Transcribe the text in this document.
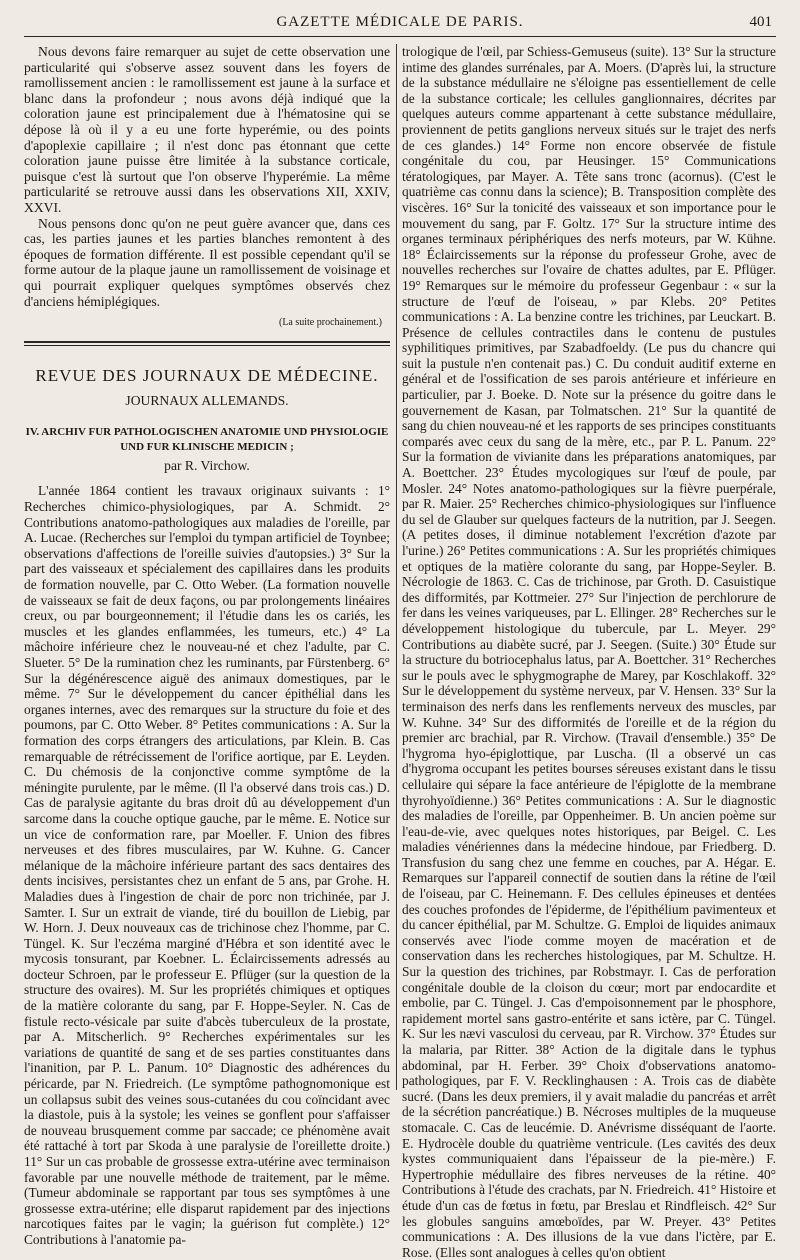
GAZETTE MÉDICALE DE PARIS.	401

Nous devons faire remarquer au sujet de cette observation une particularité qui s'observe assez souvent dans les foyers de ramollissement ancien : le ramollissement est jaune à la surface et blanc dans la profondeur ; nous avons déjà indiqué que la coloration jaune est principalement due à l'hématosine qui se dépose là où il y a eu une forte hyperémie, ou des points d'apoplexie capillaire ; il n'est donc pas étonnant que cette coloration jaune puisse être limitée à la substance corticale, puisque c'est là surtout que l'on observe l'hyperémie. La même particularité se retrouve aussi dans les observations XII, XXIV, XXVI.

Nous pensons donc qu'on ne peut guère avancer que, dans ces cas, les parties jaunes et les parties blanches remontent à des époques de formation différente. Il est possible cependant qu'il se forme autour de la plaque jaune un ramollissement de voisinage et qui pourrait expliquer quelques symptômes observés chez d'anciens hémiplégiques.

(La suite prochainement.)

REVUE DES JOURNAUX DE MÉDECINE.

JOURNAUX ALLEMANDS.

IV. ARCHIV FUR PATHOLOGISCHEN ANATOMIE UND PHYSIOLOGIE UND FUR KLINISCHE MEDICIN ;

par R. Virchow.

L'année 1864 contient les travaux originaux suivants : 1° Recherches chimico-physiologiques, par A. Schmidt. 2° Contributions anatomo-pathologiques aux maladies de l'oreille, par A. Lucae. (Recherches sur l'emploi du tympan artificiel de Toynbee; observations d'affections de l'oreille suivies d'autopsies.) 3° Sur la part des vaisseaux et spécialement des capillaires dans les produits de formation nouvelle, par C. Otto Weber. (La formation nouvelle de vaisseaux se fait de deux façons, ou par prolongements linéaires creux, ou par bourgeonnement; il l'étudie dans les os cariés, les muscles et les glandes enflammées, les tumeurs, etc.) 4° La mâchoire inférieure chez le nouveau-né et chez l'adulte, par C. Slueter. 5° De la rumination chez les ruminants, par Fürstenberg. 6° Sur la dégénérescence aiguë des animaux domestiques, par le même. 7° Sur le développement du cancer épithélial dans les organes internes, avec des remarques sur la structure du foie et des poumons, par C. Otto Weber. 8° Petites communications : A. Sur la formation des corps étrangers des articulations, par Klein. B. Cas remarquable de rétrécissement de l'orifice aortique, par E. Leyden. C. Du chémosis de la conjonctive comme symptôme de la méningite purulente, par le même. (Il l'a observé dans trois cas.) D. Cas de paralysie agitante du bras droit dû au développement d'un sarcome dans la couche optique gauche, par le même. E. Notice sur un vice de conformation rare, par Moeller. F. Union des fibres nerveuses et des fibres musculaires, par W. Kuhne. G. Cancer mélanique de la mâchoire inférieure partant des sacs dentaires des dents incisives, persistantes chez un enfant de 5 ans, par Grohe. H. Maladies dues à l'ingestion de chair de porc non trichinée, par J. Samter. I. Sur un extrait de viande, tiré du bouillon de Liebig, par W. Horn. J. Deux nouveaux cas de trichinose chez l'homme, par C. Tüngel. K. Sur l'eczéma marginé d'Hébra et son identité avec le mycosis tonsurant, par Koebner. L. Éclaircissements adressés au docteur Schroen, par le professeur E. Pflüger (sur la question de la structure des ovaires). M. Sur les propriétés chimiques et optiques de la matière colorante du sang, par F. Hoppe-Seyler. N. Cas de fistule recto-vésicale par suite d'abcès tuberculeux de la prostate, par A. Mitscherlich. 9° Recherches expérimentales sur les variations de quantité de sang et de ses parties constituantes dans l'inanition, par P. L. Panum. 10° Diagnostic des adhérences du péricarde, par N. Friedreich. (Le symptôme pathognomonique est un collapsus subit des veines sous-cutanées du cou coïncidant avec la diastole, puis à la systole; les veines se gonflent pour s'affaisser de nouveau brusquement comme par saccade; ce phénomène avait été rattaché à tort par Skoda à une paralysie de l'oreillette droite.) 11° Sur un cas probable de grossesse extra-utérine avec terminaison favorable par une nouvelle méthode de traitement, par le même. (Tumeur abdominale se rapportant par tous ses symptômes à une grossesse extra-utérine; elle disparut rapidement par des injections narcotiques faites par le vagin; la guérison fut complète.) 12° Contributions à l'anatomie pa-

trologique de l'œil, par Schiess-Gemuseus (suite). 13° Sur la structure intime des glandes surrénales, par A. Moers. (D'après lui, la structure de la substance médullaire ne s'éloigne pas essentiellement de celle de la substance corticale; les cellules ganglionnaires, décrites par quelques auteurs comme appartenant à cette substance médullaire, proviennent de petits ganglions nerveux situés sur le trajet des nerfs de ces glandes.) 14° Forme non encore observée de fistule congénitale du cou, par Heusinger. 15° Communications tératologiques, par Mayer. A. Tête sans tronc (acornus). (C'est le quatrième cas connu dans la science); B. Transposition complète des viscères. 16° Sur la tonicité des vaisseaux et son importance pour le mouvement du sang, par F. Goltz. 17° Sur la structure intime des organes terminaux périphériques des nerfs moteurs, par W. Kühne. 18° Éclaircissements sur la réponse du professeur Grohe, avec de nouvelles recherches sur l'ovaire de chattes adultes, par E. Pflüger. 19° Remarques sur le mémoire du professeur Gegenbaur : « sur la structure de l'œuf de l'oiseau, » par Klebs. 20° Petites communications : A. La benzine contre les trichines, par Leuckart. B. Présence de cellules contractiles dans le contenu de pustules syphilitiques primitives, par Szabadfoeldy. (Le pus du chancre qui suit la pustule n'en contenait pas.) C. Du conduit auditif externe en général et de l'ossification de ses parois antérieure et inférieure en particulier, par J. Boeke. D. Note sur la présence du goitre dans le gouvernement de Kasan, par Tolmatschen. 21° Sur la quantité de sang du chien nouveau-né et les rapports de ses principes constituants comparés avec ceux du sang de la mère, etc., par P. L. Panum. 22° Sur la formation de vivianite dans les préparations anatomiques, par A. Boettcher. 23° Études mycologiques sur l'œuf de poule, par Mosler. 24° Notes anatomo-pathologiques sur la fièvre puerpérale, par R. Maier. 25° Recherches chimico-physiologiques sur l'influence du sel de Glauber sur quelques facteurs de la nutrition, par J. Seegen. (A petites doses, il diminue notablement l'excrétion d'azote par l'urine.) 26° Petites communications : A. Sur les propriétés chimiques et optiques de la matière colorante du sang, par Hoppe-Seyler. B. Nécrologie de 1863. C. Cas de trichinose, par Groth. D. Casuistique des difformités, par Kottmeier. 27° Sur l'injection de perchlorure de fer dans les veines variqueuses, par L. Ellinger. 28° Recherches sur le développement histologique du tubercule, par L. Meyer. 29° Contributions au diabète sucré, par J. Seegen. (Suite.) 30° Étude sur la structure du botriocephalus latus, par A. Boettcher. 31° Recherches sur le pouls avec le sphygmographe de Marey, par Koschlakoff. 32° Sur le développement du système nerveux, par V. Hensen. 33° Sur la terminaison des nerfs dans les renflements nerveux des muscles, par W. Kuhne. 34° Sur des difformités de l'oreille et de la région du premier arc brachial, par R. Virchow. (Travail d'ensemble.) 35° De l'hygroma hyo-épiglottique, par Luscha. (Il a observé un cas d'hygroma occupant les petites bourses séreuses existant dans le tissu cellulaire qui sépare la face antérieure de l'épiglotte de la membrane thyrohyoïdienne.) 36° Petites communications : A. Sur le diagnostic des maladies de l'oreille, par Oppenheimer. B. Un ancien poème sur l'eau-de-vie, avec quelques notes historiques, par Beigel. C. Les maladies vénériennes dans la médecine hindoue, par Friedberg. D. Transfusion du sang chez une femme en couches, par A. Hégar. E. Remarques sur l'appareil connectif de soutien dans la rétine de l'œil de l'oiseau, par C. Heinemann. F. Des cellules épineuses et dentées des couches profondes de l'épiderme, de l'épithélium pavimenteux et du cancer épithélial, par M. Schultze. G. Emploi de liquides animaux conservés avec l'iode comme moyen de macération et de conservation dans les recherches histologiques, par M. Schultze. H. Sur la question des trichines, par Robstmayr. I. Cas de perforation congénitale double de la cloison du cœur; mort par endocardite et embolie, par C. Tüngel. J. Cas d'empoisonnement par le phosphore, rapidement mortel sans gastro-entérite et sans ictère, par C. Tüngel. K. Sur les nævi vasculosi du cerveau, par R. Virchow. 37° Études sur la malaria, par Ritter. 38° Action de la digitale dans le typhus abdominal, par H. Ferber. 39° Choix d'observations anatomo-pathologiques, par F. V. Recklinghausen : A. Trois cas de diabète sucré. (Dans les deux premiers, il y avait maladie du pancréas et arrêt de la sécrétion pancréatique.) B. Nécroses multiples de la muqueuse stomacale. C. Cas de leucémie. D. Anévrisme disséquant de l'aorte. E. Hydrocèle double du quatrième ventricule. (Les cavités des deux kystes communiquaient dans l'épaisseur de la pie-mère.) F. Hypertrophie médullaire des fibres nerveuses de la rétine. 40° Contributions à l'étude des crachats, par N. Friedreich. 41° Histoire et étude d'un cas de fœtus in fœtu, par Breslau et Rindfleisch. 42° Sur les globules sanguins amœboïdes, par W. Preyer. 43° Petites communications : A. Des illusions de la vue dans l'ictère, par E. Rose. (Elles sont analogues à celles qu'on obtient
